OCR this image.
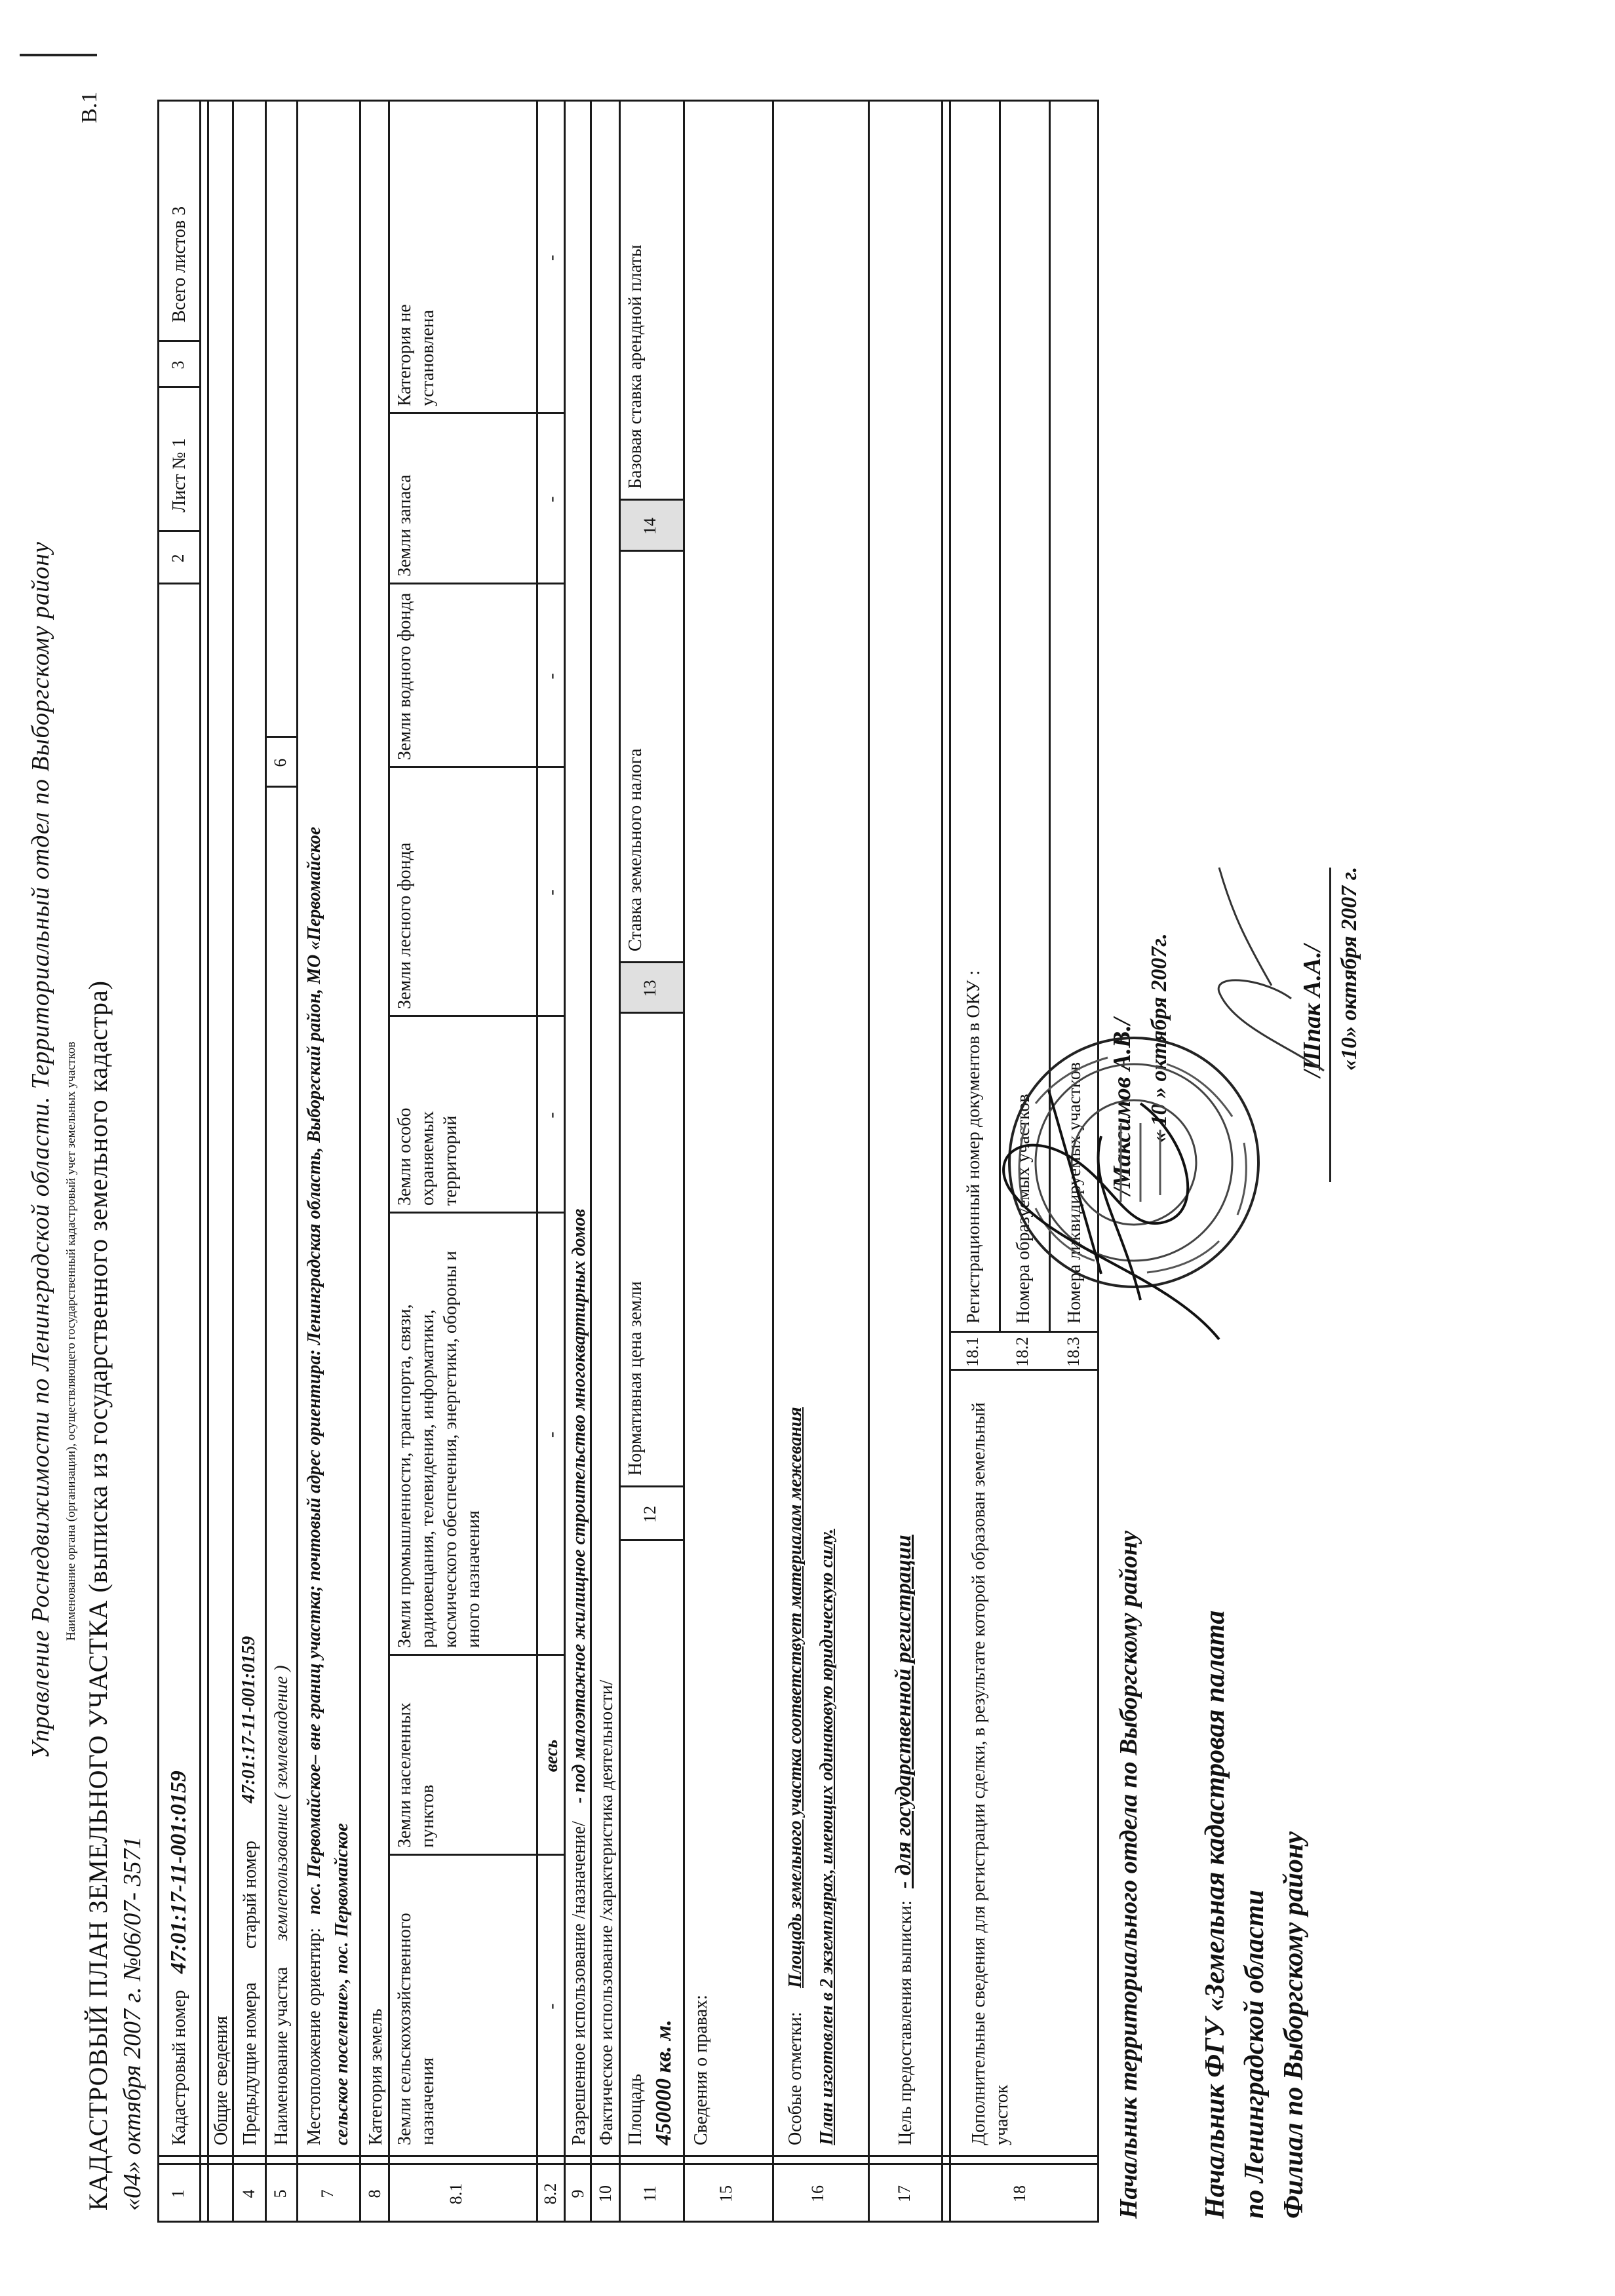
Управление Роснедвижимости по Ленинградской области. Территориальный отдел по Выборгскому району Наименование органа (организации), осуществляющего государственный кадастровый учет земельных участков КАДАСТРОВЫЙ ПЛАН ЗЕМЕЛЬНОГО УЧАСТКА (выписка из государственного земельного кадастра) «04» октября 2007 г. №06/07- 3571
В.1
1
Кадастровый номер
47:01:17-11-001:0159
2
Лист № 1
3
Всего листов 3
Общие сведения
4
Предыдущие номера
старый номер
47:01:17-11-001:0159
5
Наименование участка
землепользование ( землевладение )
6
7
Местоположение ориентир:
пос. Первомайское– вне границ участка; почтовый адрес ориентира: Ленинградская область, Выборгский район, МО «Первомайское
сельское поселение», пос. Первомайское
8
Категория земель
8.1
Земли сельскохозяйственного назначения
Земли населенных пунктов
Земли промышленности, транспорта, связи, радиовещания, телевидения, информатики, космического обеспечения, энергетики, обороны и иного назначения
Земли особо охраняемых территорий
Земли лесного фонда
Земли водного фонда
Земли запаса
Категория не установлена
8.2
-
весь
-
-
-
-
-
-
9
Разрешенное использование /назначение/
- под малоэтажное жилищное строительство многоквартирных домов
10
Фактическое использование /характеристика деятельности/
11
Площадь 450000 кв. м.
12
Нормативная цена земли
13
Ставка земельного налога
14
Базовая ставка арендной платы
15
Сведения о правах:
16
Особые отметки:
Площадь земельного участка соответствует материалам межевания План изготовлен в 2 экземплярах, имеющих одинаковую юридическую силу.
17
Цель предоставления выписки:
- для государственной регистрации
18
Дополнительные сведения для регистрации сделки, в результате которой образован земельный участок
18.1
Регистрационный номер документов в ОКУ :
18.2
Номера образуемых участков
18.3
Номера ликвидируемых участков
Начальник территориального отдела по Выборгскому району
/Максимов А.В./ « 10 » октября 2007г.
Начальник ФГУ «Земельная кадастровая палата по Ленинградской области Филиал по Выборгскому району
/Шпак А.А./ «10» октября 2007 г.
